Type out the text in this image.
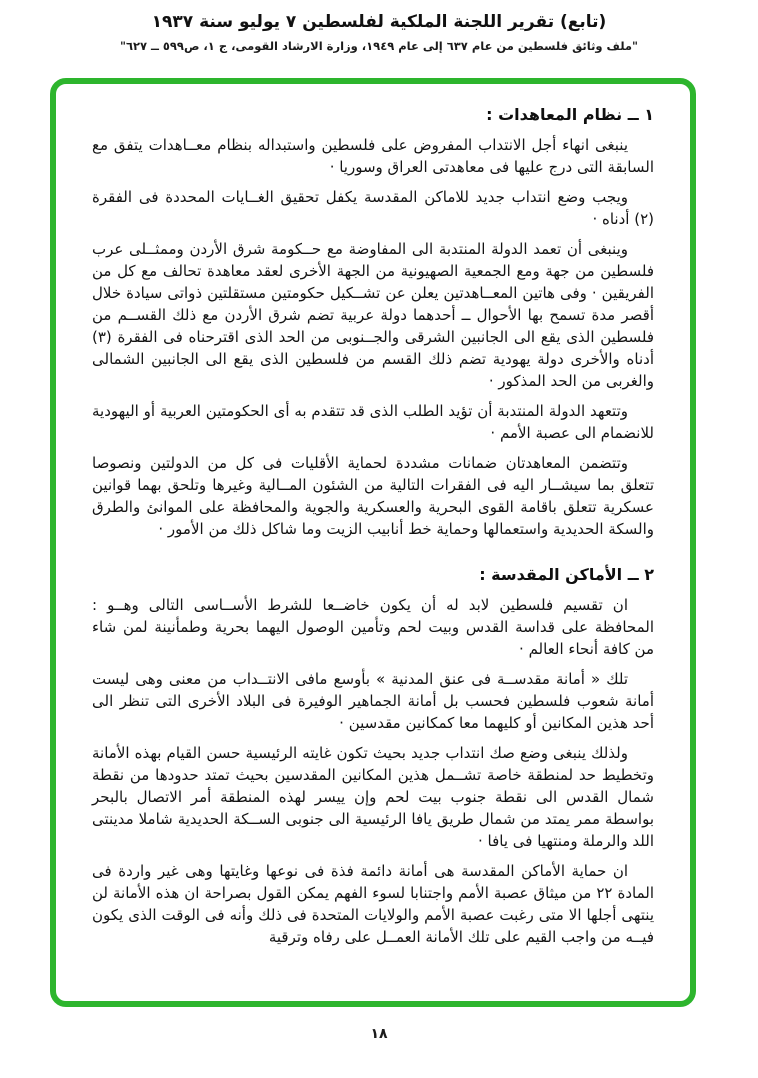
(تابع) تقرير اللجنة الملكية لفلسطين ٧ يوليو سنة ١٩٣٧
"ملف وثائق فلسطين من عام ٦٣٧ إلى عام ١٩٤٩، وزارة الارشاد القومى، ج ١، ص٥٩٩ ــ ٦٢٧"
١ ــ نظام المعاهدات :

ينبغى انهاء أجل الانتداب المفروض على فلسطين واستبداله بنظام معــاهدات يتفق مع السابقة التى درج عليها فى معاهدتى العراق وسوريا ·

ويجب وضع انتداب جديد للاماكن المقدسة يكفل تحقيق الغــايات المحددة فى الفقرة (٢) أدناه ·

وينبغى أن تعمد الدولة المنتدبة الى المفاوضة مع حــكومة شرق الأردن وممثــلى عرب فلسطين من جهة ومع الجمعية الصهيونية من الجهة الأخرى لعقد معاهدة تحالف مع كل من الفريقين · وفى هاتين المعــاهدتين يعلن عن تشــكيل حكومتين مستقلتين ذواتى سيادة خلال أقصر مدة تسمح بها الأحوال ــ أحدهما دولة عربية تضم شرق الأردن مع ذلك القســم من فلسطين الذى يقع الى الجانبين الشرقى والجــنوبى من الحد الذى اقترحناه فى الفقرة (٣) أدناه والأخرى دولة يهودية تضم ذلك القسم من فلسطين الذى يقع الى الجانبين الشمالى والغربى من الحد المذكور ·

وتتعهد الدولة المنتدبة أن تؤيد الطلب الذى قد تتقدم به أى الحكومتين العربية أو اليهودية للانضمام الى عصبة الأمم ·

وتتضمن المعاهدتان ضمانات مشددة لحماية الأقليات فى كل من الدولتين ونصوصا تتعلق بما سيشــار اليه فى الفقرات التالية من الشئون المــالية وغيرها وتلحق بهما قوانين عسكرية تتعلق باقامة القوى البحرية والعسكرية والجوية والمحافظة على الموانئ والطرق والسكة الحديدية واستعمالها وحماية خط أنابيب الزيت وما شاكل ذلك من الأمور ·

٢ ــ الأماكن المقدسة :

ان تقسيم فلسطين لابد له أن يكون خاضــعا للشرط الأســاسى التالى وهــو : المحافظة على قداسة القدس وبيت لحم وتأمين الوصول اليهما بحرية وطمأنينة لمن شاء من كافة أنحاء العالم ·

تلك « أمانة مقدســة فى عنق المدنية » بأوسع مافى الانتــداب من معنى وهى ليست أمانة شعوب فلسطين فحسب بل أمانة الجماهير الوفيرة فى البلاد الأخرى التى تنظر الى أحد هذين المكانين أو كليهما معا كمكانين مقدسين ·

ولذلك ينبغى وضع صك انتداب جديد بحيث تكون غايته الرئيسية حسن القيام بهذه الأمانة وتخطيط حد لمنطقة خاصة تشــمل هذين المكانين المقدسين بحيث تمتد حدودها من نقطة شمال القدس الى نقطة جنوب بيت لحم وإن ييسر لهذه المنطقة أمر الاتصال بالبحر بواسطة ممر يمتد من شمال طريق يافا الرئيسية الى جنوبى الســكة الحديدية شاملا مدينتى اللد والرملة ومنتهيا فى يافا ·

ان حماية الأماكن المقدسة هى أمانة دائمة فذة فى نوعها وغايتها وهى غير واردة فى المادة ٢٢ من ميثاق عصبة الأمم واجتنابا لسوء الفهم يمكن القول بصراحة ان هذه الأمانة لن ينتهى أجلها الا متى رغبت عصبة الأمم والولايات المتحدة فى ذلك وأنه فى الوقت الذى يكون فيــه من واجب القيم على تلك الأمانة العمــل على رفاه وترقية

١٨
